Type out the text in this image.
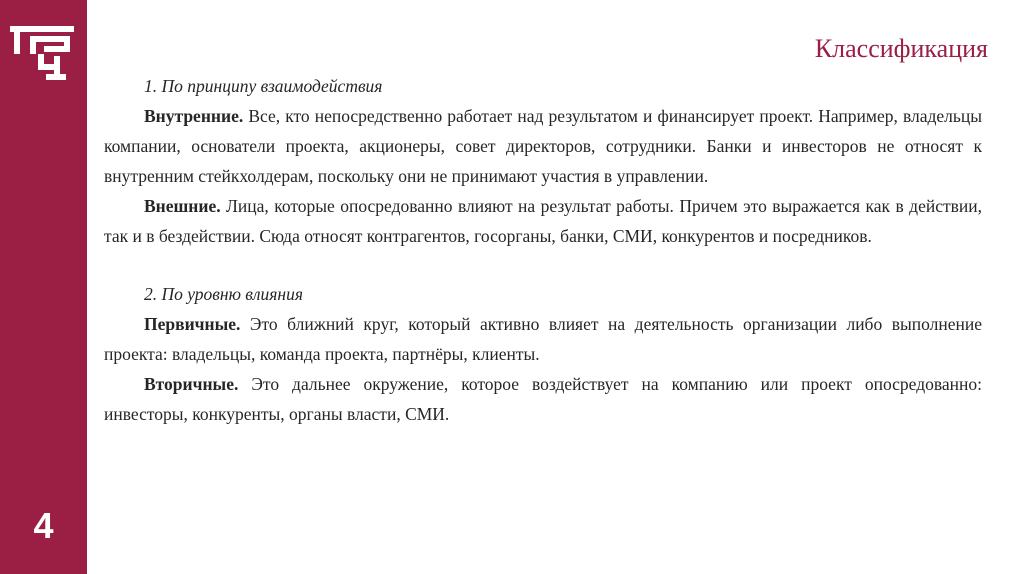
4
Классификация

1. По принципу взаимодействия

Внутренние. Все, кто непосредственно работает над результатом и финансирует проект. Например, владельцы компании, основатели проекта, акционеры, совет директоров, сотрудники. Банки и инвесторов не относят к внутренним стейкхолдерам, поскольку они не принимают участия в управлении.

Внешние. Лица, которые опосредованно влияют на результат работы. Причем это выражается как в действии, так и в бездействии. Сюда относят контрагентов, госорганы, банки, СМИ, конкурентов и посредников.

2. По уровню влияния

Первичные. Это ближний круг, который активно влияет на деятельность организации либо выполнение проекта: владельцы, команда проекта, партнёры, клиенты.

Вторичные. Это дальнее окружение, которое воздействует на компанию или проект опосредованно: инвесторы, конкуренты, органы власти, СМИ.
